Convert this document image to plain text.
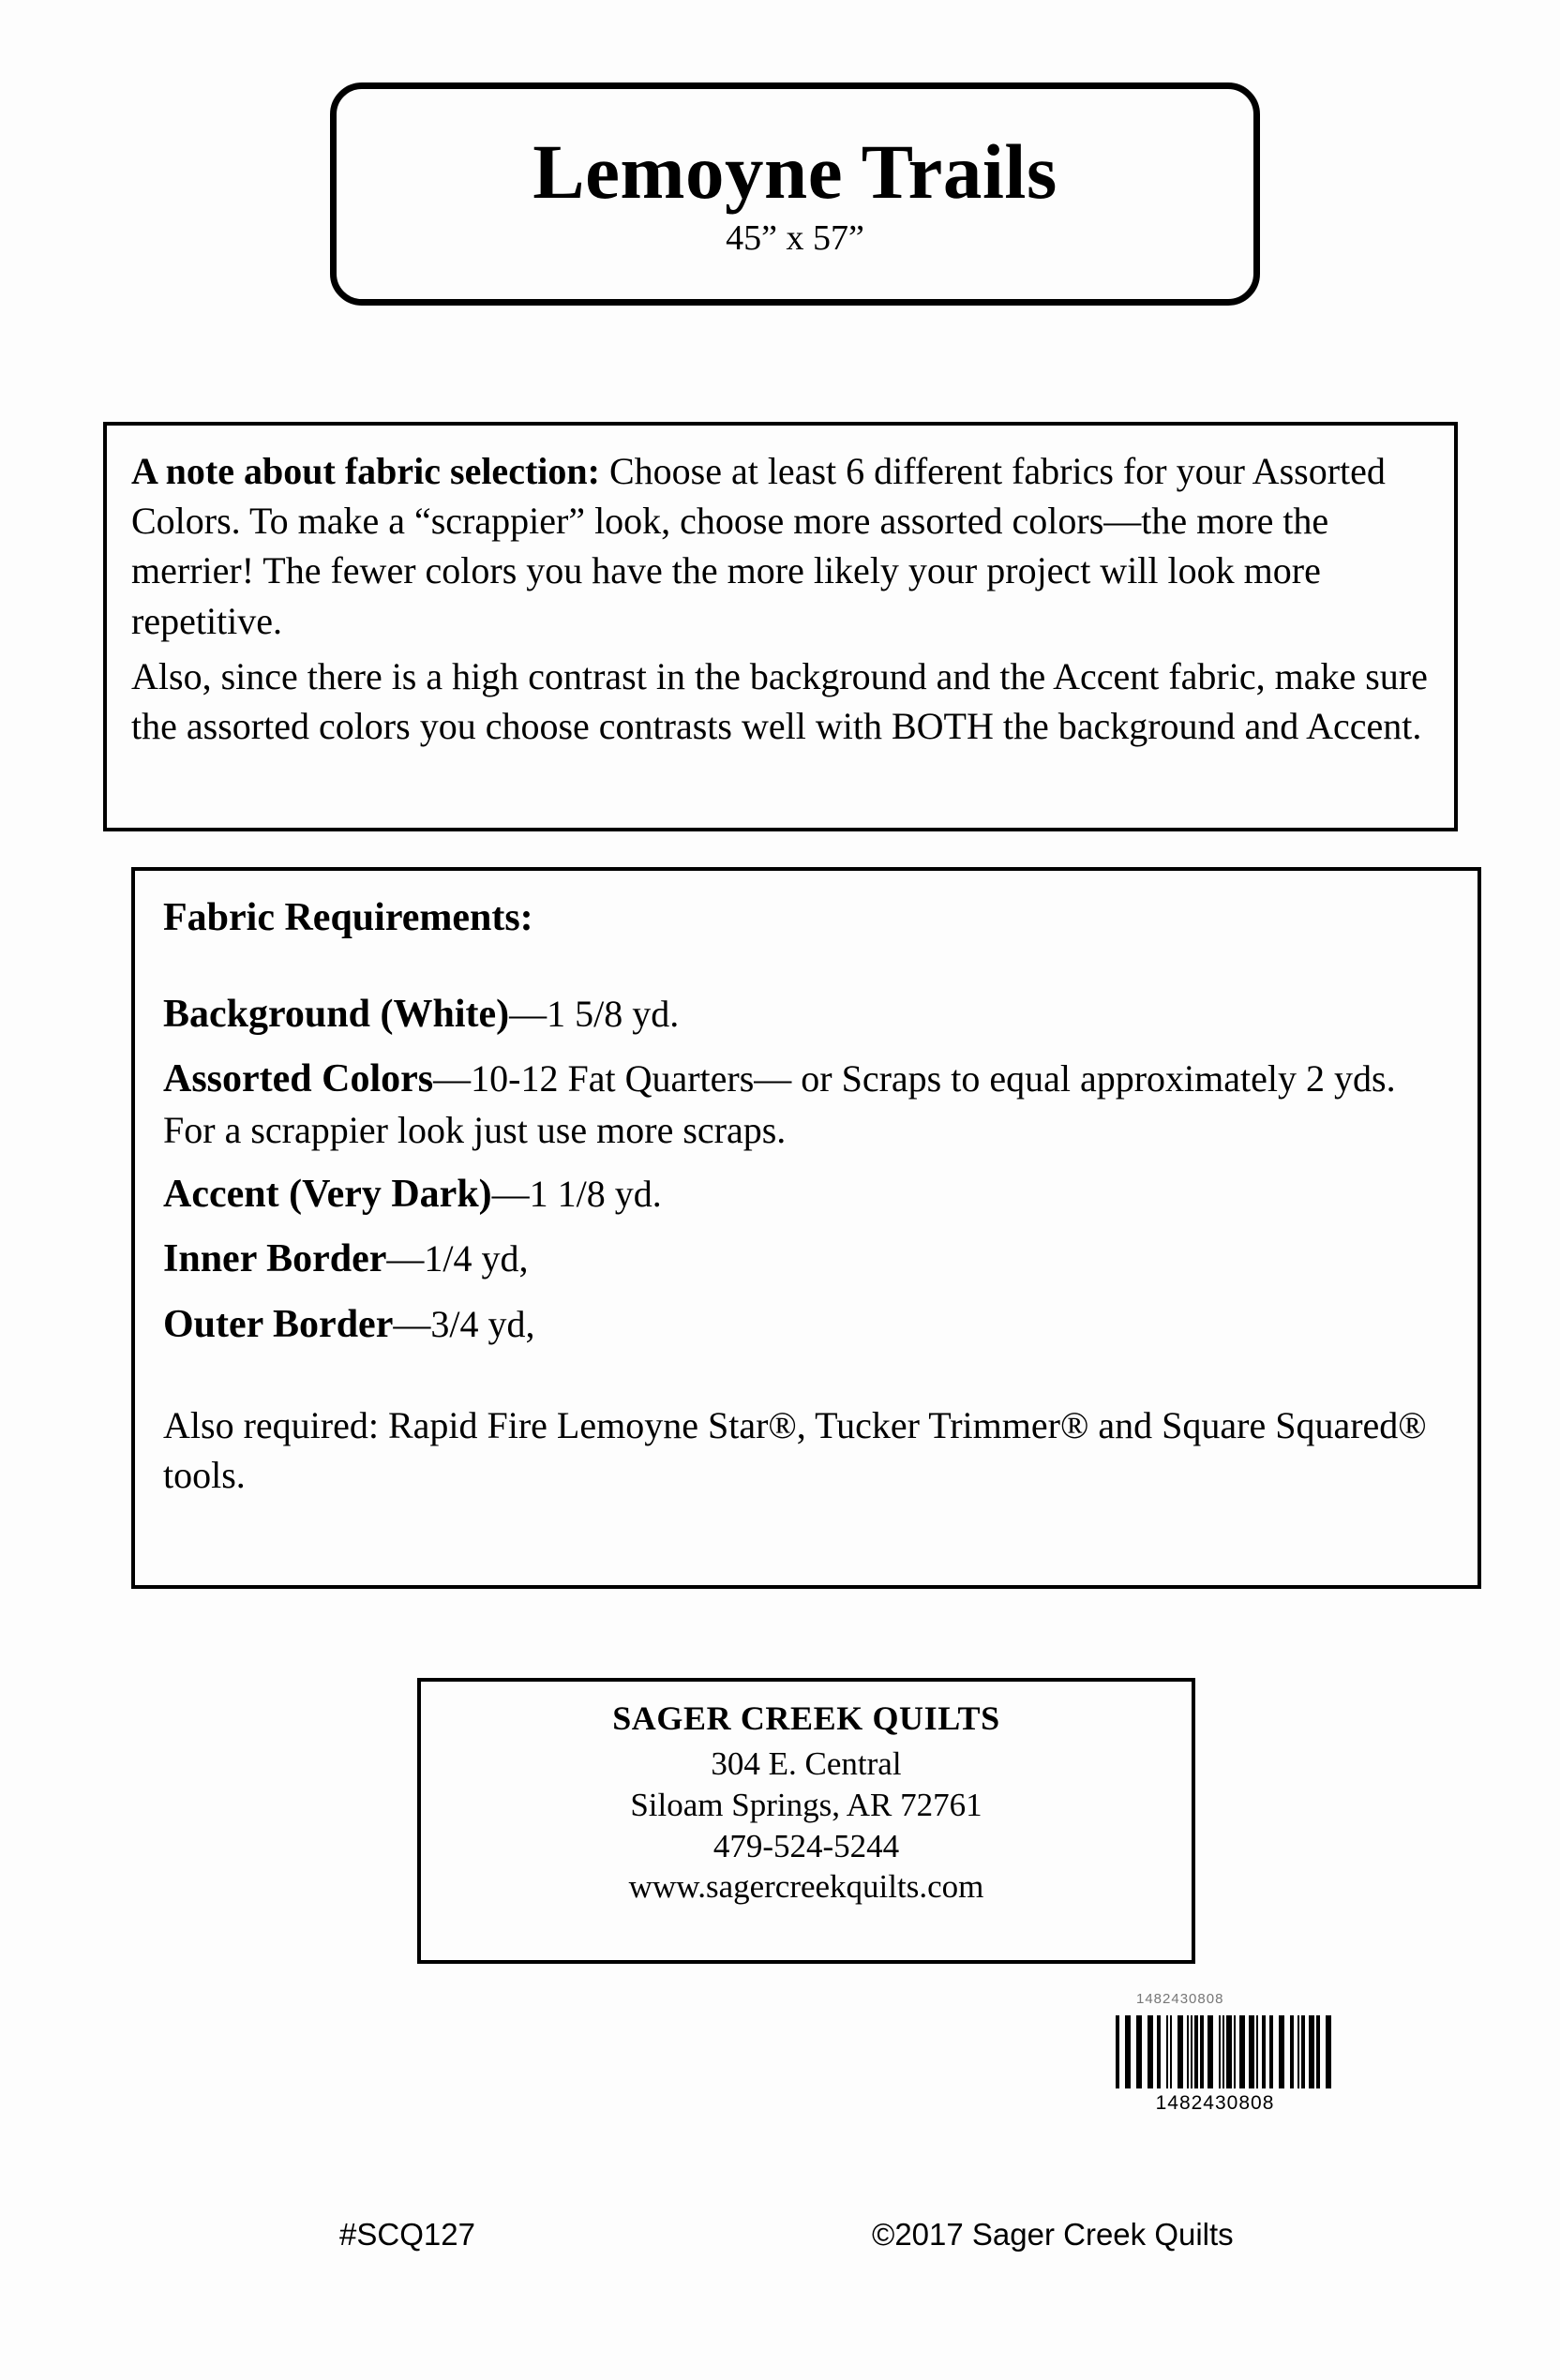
Lemoyne Trails
45” x 57”

A note about fabric selection: Choose at least 6 different fabrics for your Assorted Colors. To make a “scrappier” look, choose more assorted colors—the more the merrier! The fewer colors you have the more likely your project will look more repetitive.

Also, since there is a high contrast in the background and the Accent fabric, make sure the assorted colors you choose contrasts well with BOTH the background and Accent.

Fabric Requirements:

Background (White)—1 5/8 yd.

Assorted Colors—10-12 Fat Quarters— or Scraps to equal approximately 2 yds. For a scrappier look just use more scraps.

Accent (Very Dark)—1 1/8 yd.

Inner Border—1/4 yd,

Outer Border—3/4 yd,

Also required: Rapid Fire Lemoyne Star®, Tucker Trimmer® and Square Squared® tools.

SAGER CREEK QUILTS

304 E. Central

Siloam Springs, AR 72761

479-524-5244

www.sagercreekquilts.com

1482430808
1482430808
#SCQ127	©2017 Sager Creek Quilts
